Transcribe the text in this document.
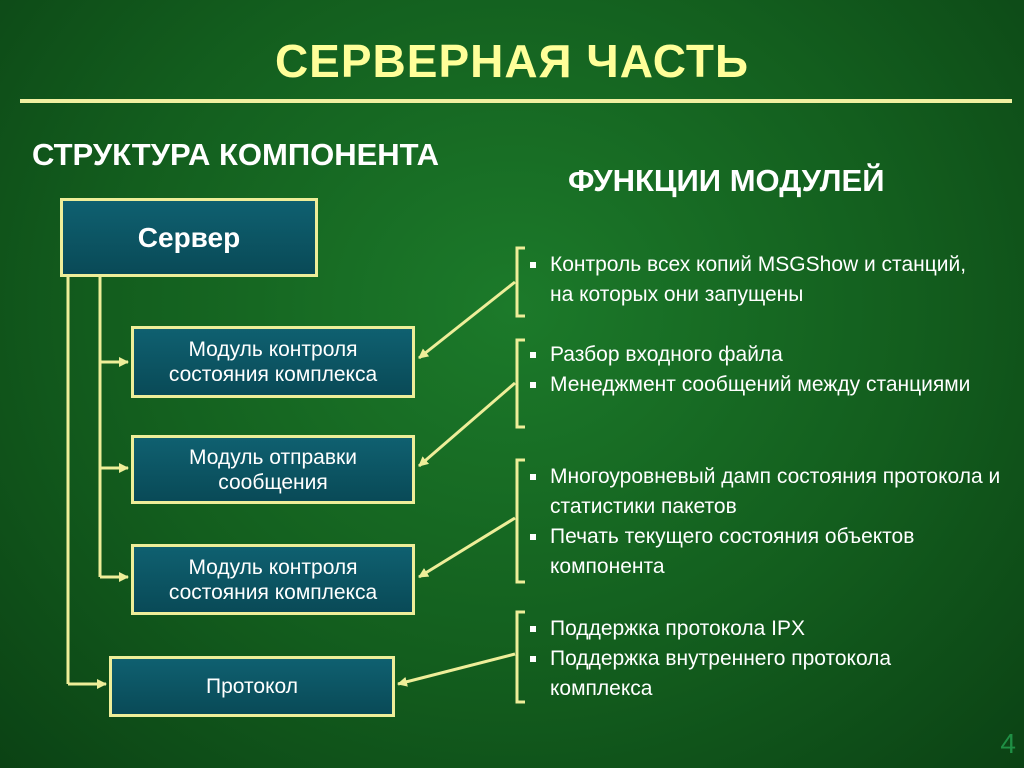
СЕРВЕРНАЯ ЧАСТЬ
СТРУКТУРА КОМПОНЕНТА
ФУНКЦИИ МОДУЛЕЙ
Сервер
Модуль контроля состояния комплекса
Модуль отправки сообщения
Модуль контроля состояния комплекса
Протокол
Контроль всех копий MSGShow и станций, на которых они запущены
Разбор входного файла
Менеджмент сообщений между станциями
Многоуровневый дамп состояния протокола и статистики пакетов
Печать текущего состояния объектов компонента
Поддержка протокола IPX
Поддержка внутреннего протокола комплекса
4
